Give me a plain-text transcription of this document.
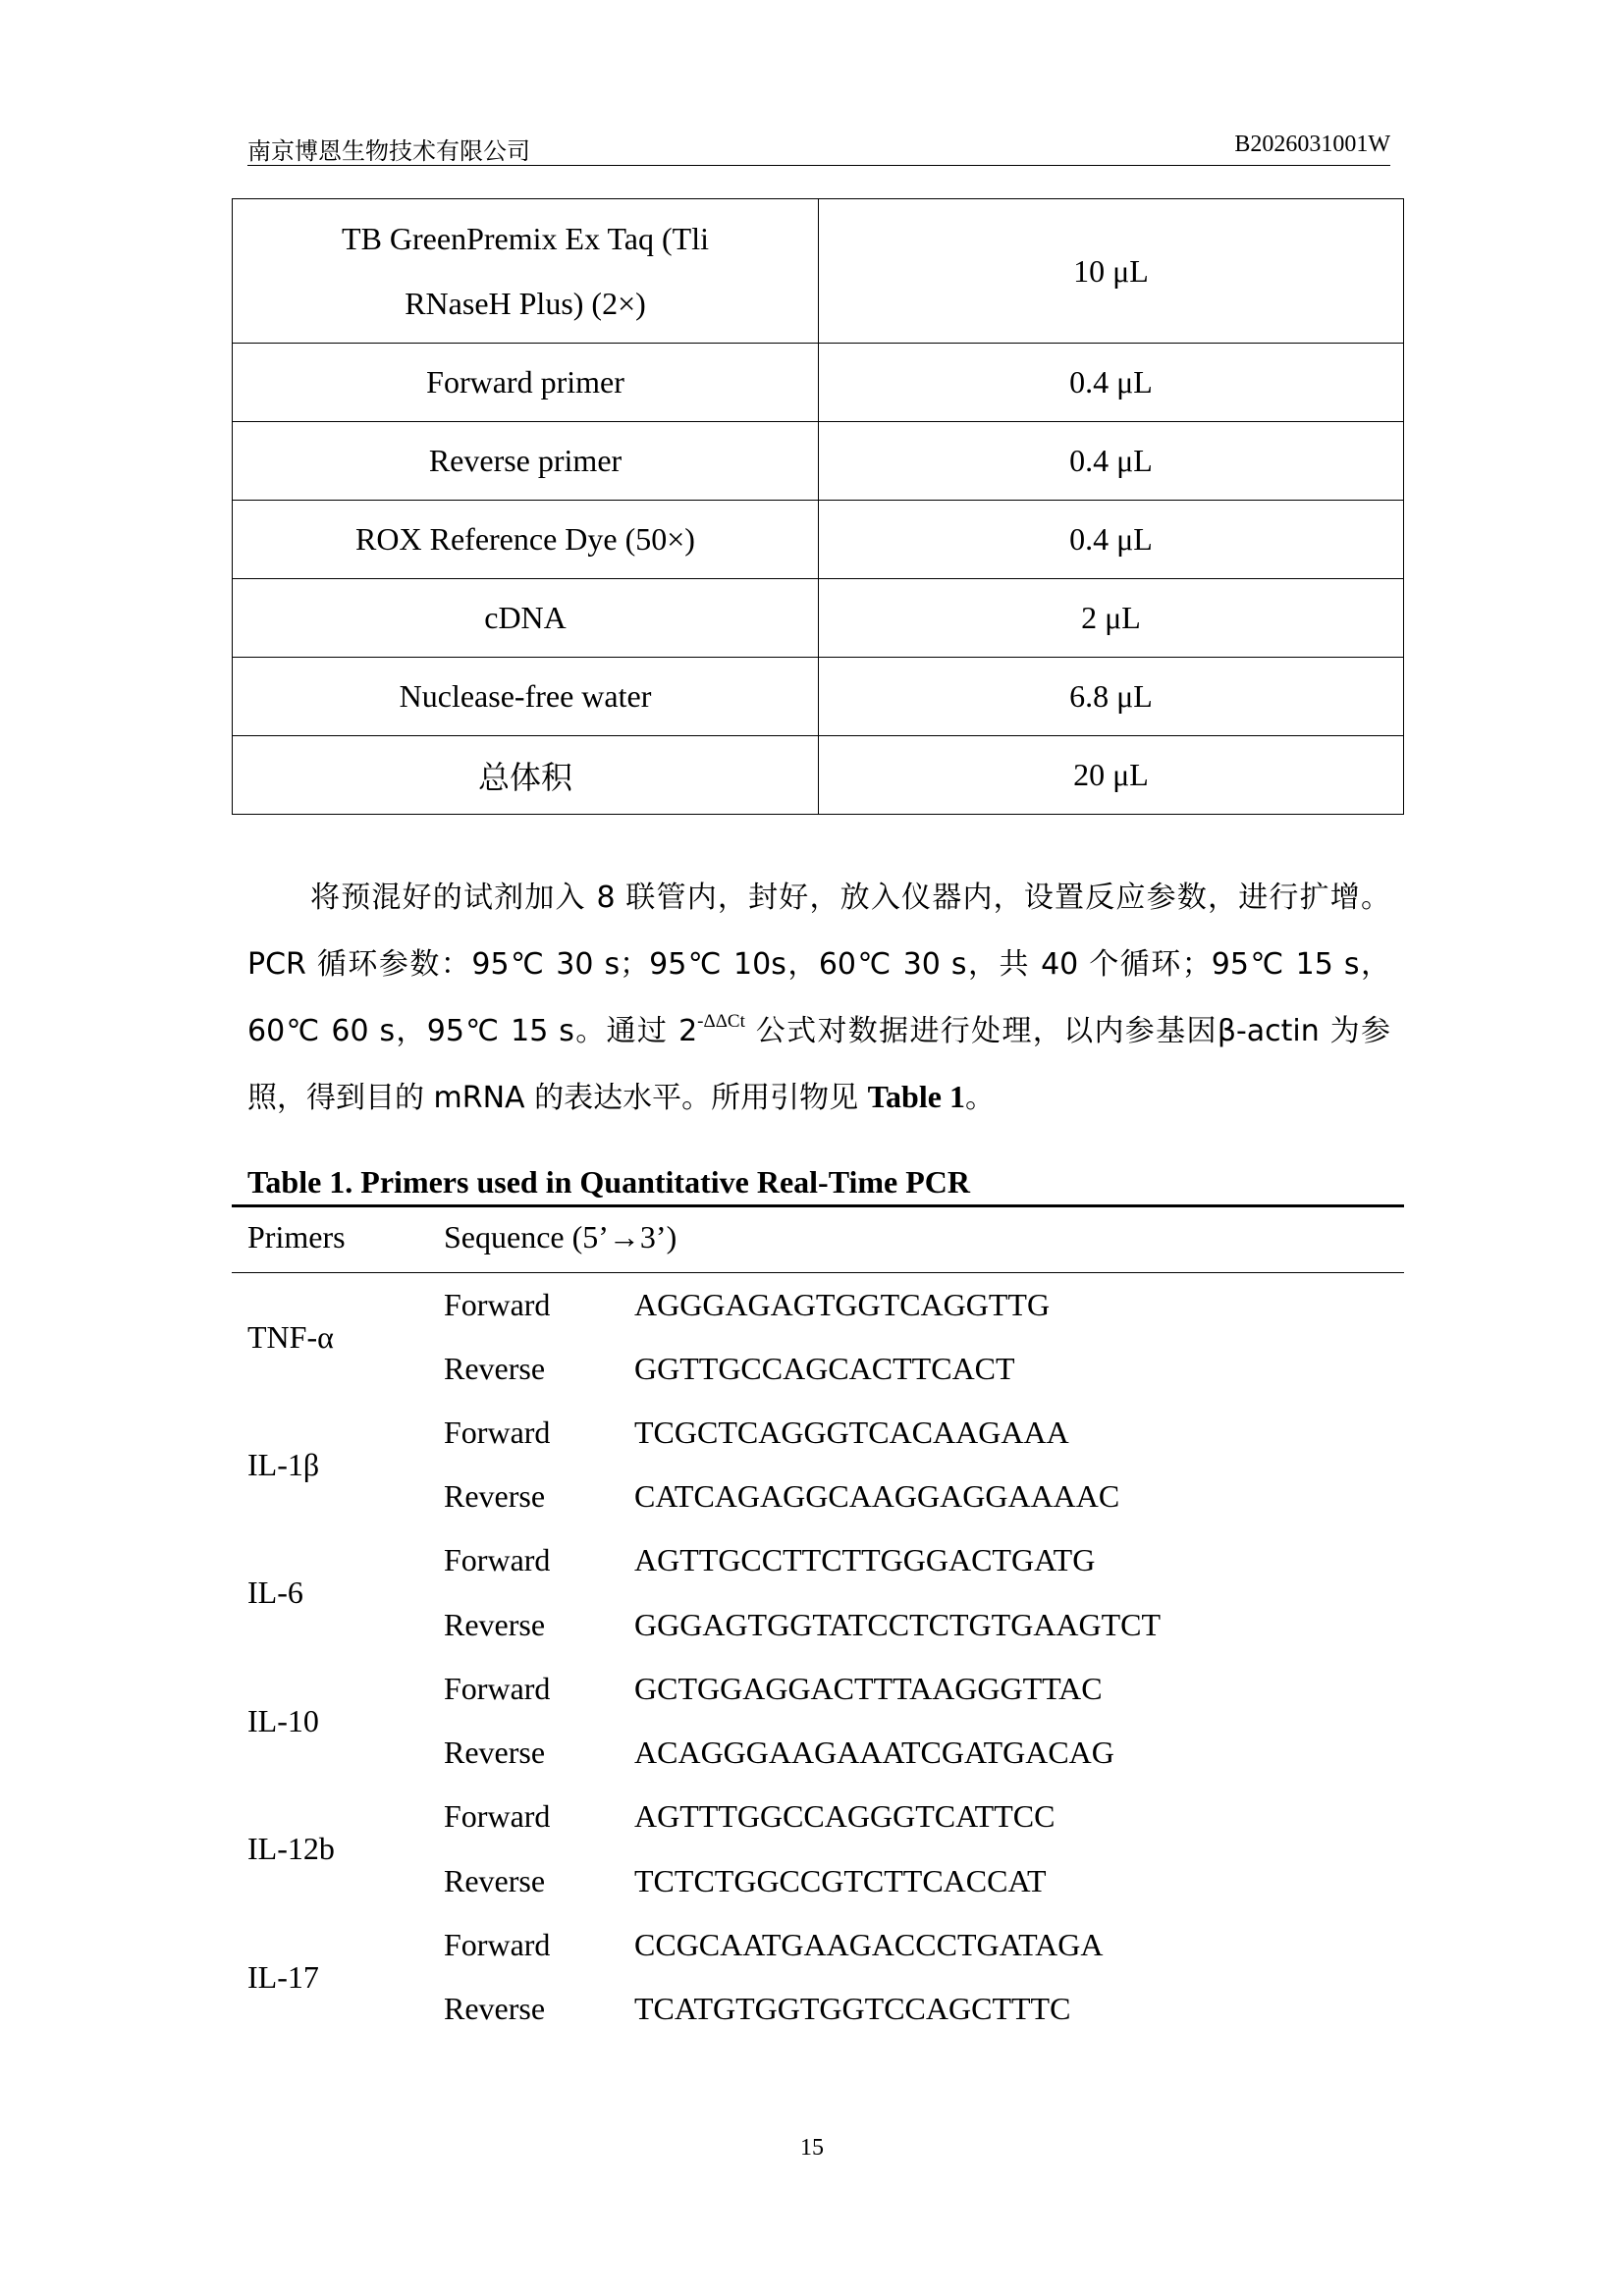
南京博恩生物技术有限公司	B2026031001W
TB GreenPremix Ex Taq (Tli
RNaseH Plus) (2×)	10 μL
Forward primer	0.4 μL
Reverse primer	0.4 μL
ROX Reference Dye (50×)	0.4 μL
cDNA	2 μL
Nuclease-free water	6.8 μL
总体积	20 μL

将预混好的试剂加入 8 联管内，封好，放入仪器内，设置反应参数，进行扩增。PCR 循环参数：95℃ 30 s；95℃ 10s，60℃ 30 s，共 40 个循环；95℃ 15 s，60℃ 60 s，95℃ 15 s。通过 $2^{-\Delta\Delta Ct}$ 公式对数据进行处理，以内参基因β-actin 为参照，得到目的 mRNA 的表达水平。所用引物见 Table 1。

Table 1. Primers used in Quantitative Real-Time PCR
Primers	Sequence (5’→3’)
TNF-α
Forward	AGGGAGAGTGGTCAGGTTG
Reverse	GGTTGCCAGCACTTCACT
IL-1β
Forward	TCGCTCAGGGTCACAAGAAA
Reverse	CATCAGAGGCAAGGAGGAAAAC
IL-6
Forward	AGTTGCCTTCTTGGGACTGATG
Reverse	GGGAGTGGTATCCTCTGTGAAGTCT
IL-10
Forward	GCTGGAGGACTTTAAGGGTTAC
Reverse	ACAGGGAAGAAATCGATGACAG
IL-12b
Forward	AGTTTGGCCAGGGTCATTCC
Reverse	TCTCTGGCCGTCTTCACCAT
IL-17
Forward	CCGCAATGAAGACCCTGATAGA
Reverse	TCATGTGGTGGTCCAGCTTTC
15
